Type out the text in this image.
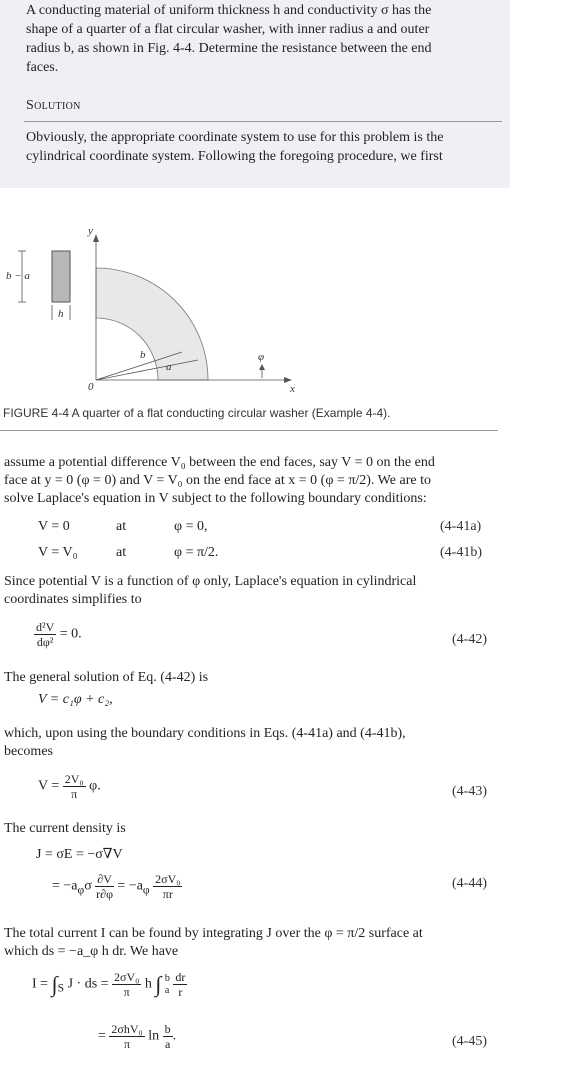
A conducting material of uniform thickness h and conductivity σ has the
shape of a quarter of a flat circular washer, with inner radius a and outer
radius b, as shown in Fig. 4-4. Determine the resistance between the end
faces.
Solution
Obviously, the appropriate coordinate system to use for this problem is the
cylindrical coordinate system. Following the foregoing procedure, we first
b − a
h
y
x
0
b
a
φ
FIGURE 4-4 A quarter of a flat conducting circular washer (Example 4-4).
assume a potential difference V₀ between the end faces, say V = 0 on the end
face at y = 0 (φ = 0) and V = V₀ on the end face at x = 0 (φ = π/2). We are to
solve Laplace's equation in V subject to the following boundary conditions:
V = 0	at	φ = 0,	(4-41a)
V = V₀	at	φ = π/2.	(4-41b)
Since potential V is a function of φ only, Laplace's equation in cylindrical
coordinates simplifies to
$\frac{\text{d²V}}{\text{dφ²}} = 0$.	(4-42)
The general solution of Eq. (4-42) is
V = c₁φ + c₂,
which, upon using the boundary conditions in Eqs. (4-41a) and (4-41b),
becomes
$V = \frac{\text{2V₀}}{\pi} \varphi$.	(4-43)
The current density is
J = σE = −σ∇V
= $-a_\varphi\sigma \frac{\partial V}{r\partial\varphi} = -a_\varphi \frac{\text{2σV₀}}{\pi r}$	(4-44)
The total current I can be found by integrating J over the φ = π/2 surface at
which ds = −a_φ h dr. We have
$I = \int_S$ J · ds = $\frac{\text{2σV₀}}{\pi}$ h ∫ b
a
$\frac{dr}{r}$
= $\frac{\text{2σhV₀}}{\pi}$ $\ln \frac{b}{a}$ .	(4-45)
